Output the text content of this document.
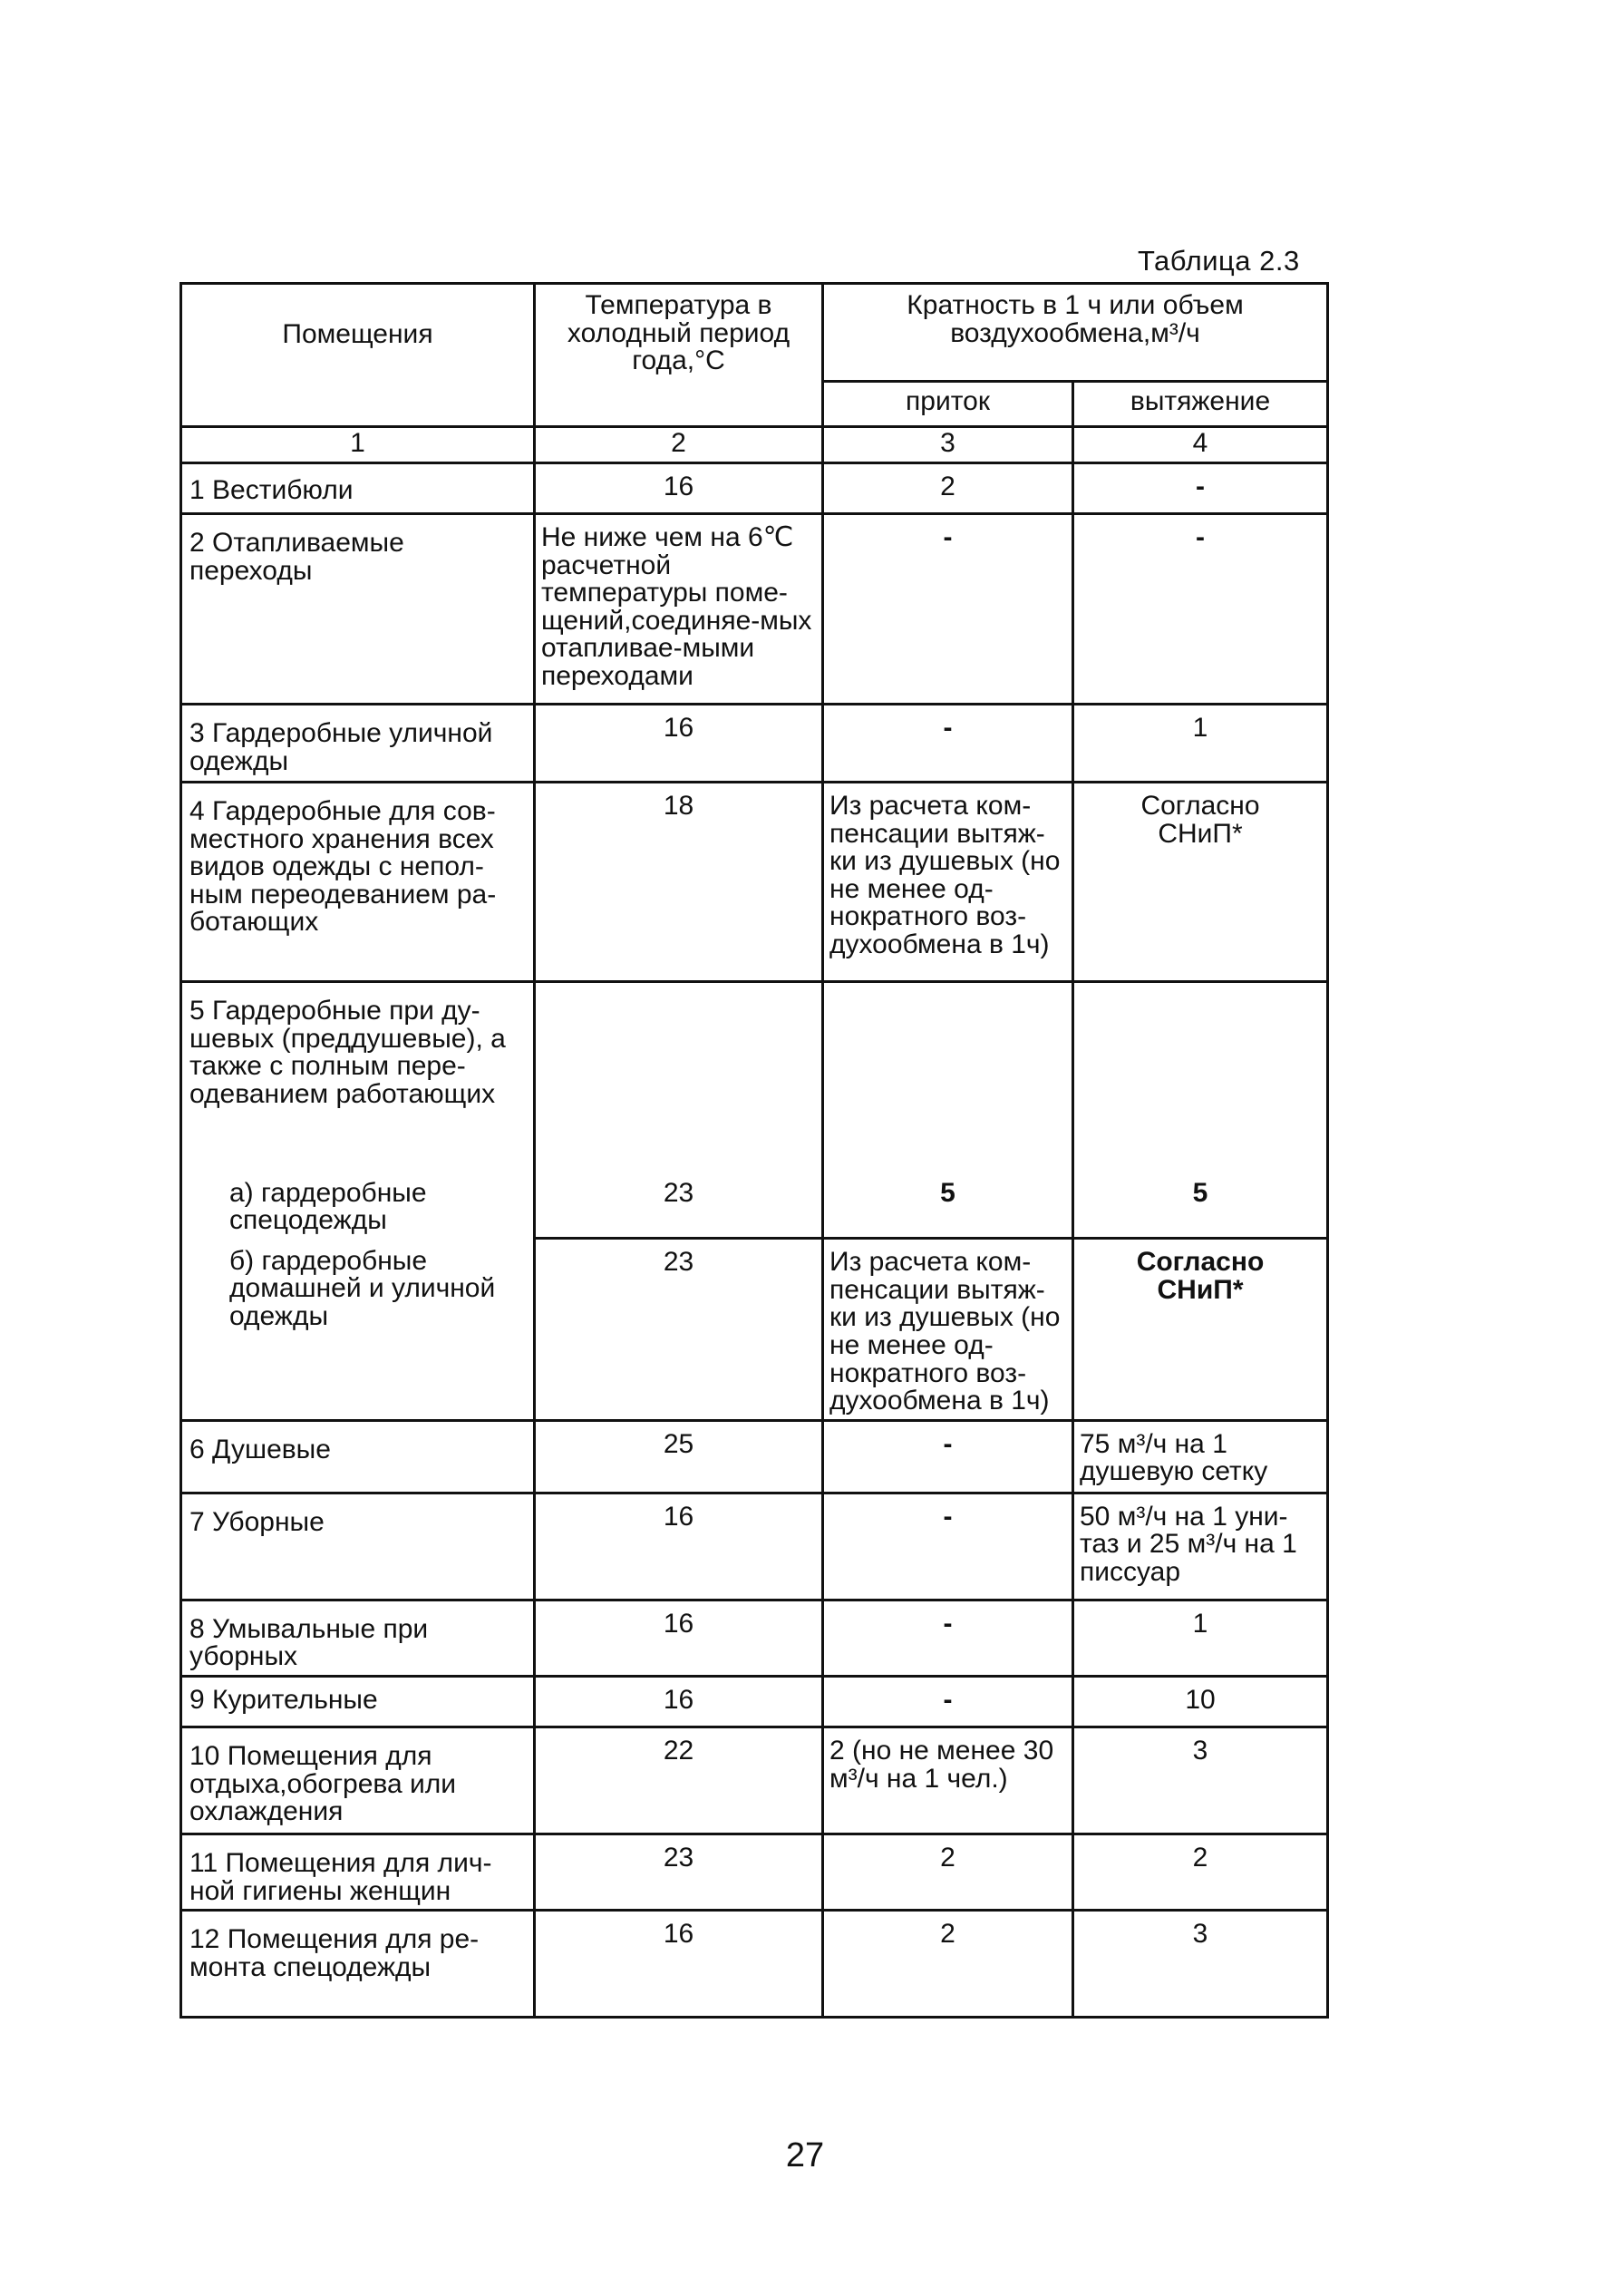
Таблица 2.3
Помещения	Температура в холодный период года,°C	Кратность в 1 ч или объем воздухообмена,м³/ч	
		приток	вытяжение
1	2	3	4
1 Вестибюли	16	2	-
2 Отапливаемые переходы	Не ниже чем на 6℃ расчетной температуры поме-щений,соединяе-мых отапливае-мыми переходами	-	-
3 Гардеробные уличной одежды	16	-	1
4 Гардеробные для сов-местного хранения всех видов одежды с непол-ным переодеванием ра-ботающих	18	Из расчета ком-пенсации вытяж-ки из душевых (но не менее од-нократного воз-духообмена в 1ч)	Согласно СНиП*
5 Гардеробные при ду-шевых (преддушевые), а также с полным пере-одеванием работающих			
а) гардеробные спецодежды	23	5	5
б) гардеробные домашней и уличной одежды	23	Из расчета ком-пенсации вытяж-ки из душевых (но не менее од-нократного воз-духообмена в 1ч)	Согласно СНиП*
6 Душевые	25	-	75 м³/ч на 1 душевую сетку
7 Уборные	16	-	50 м³/ч на 1 уни-таз и 25 м³/ч на 1 писсуар
8 Умывальные при уборных	16	-	1
9 Курительные	16	-	10
10 Помещения для отдыха,обогрева или охлаждения	22	2 (но не менее 30 м³/ч на 1 чел.)	3
11 Помещения для лич-ной гигиены женщин	23	2	2
12 Помещения для ре-монта спецодежды	16	2	3
27
